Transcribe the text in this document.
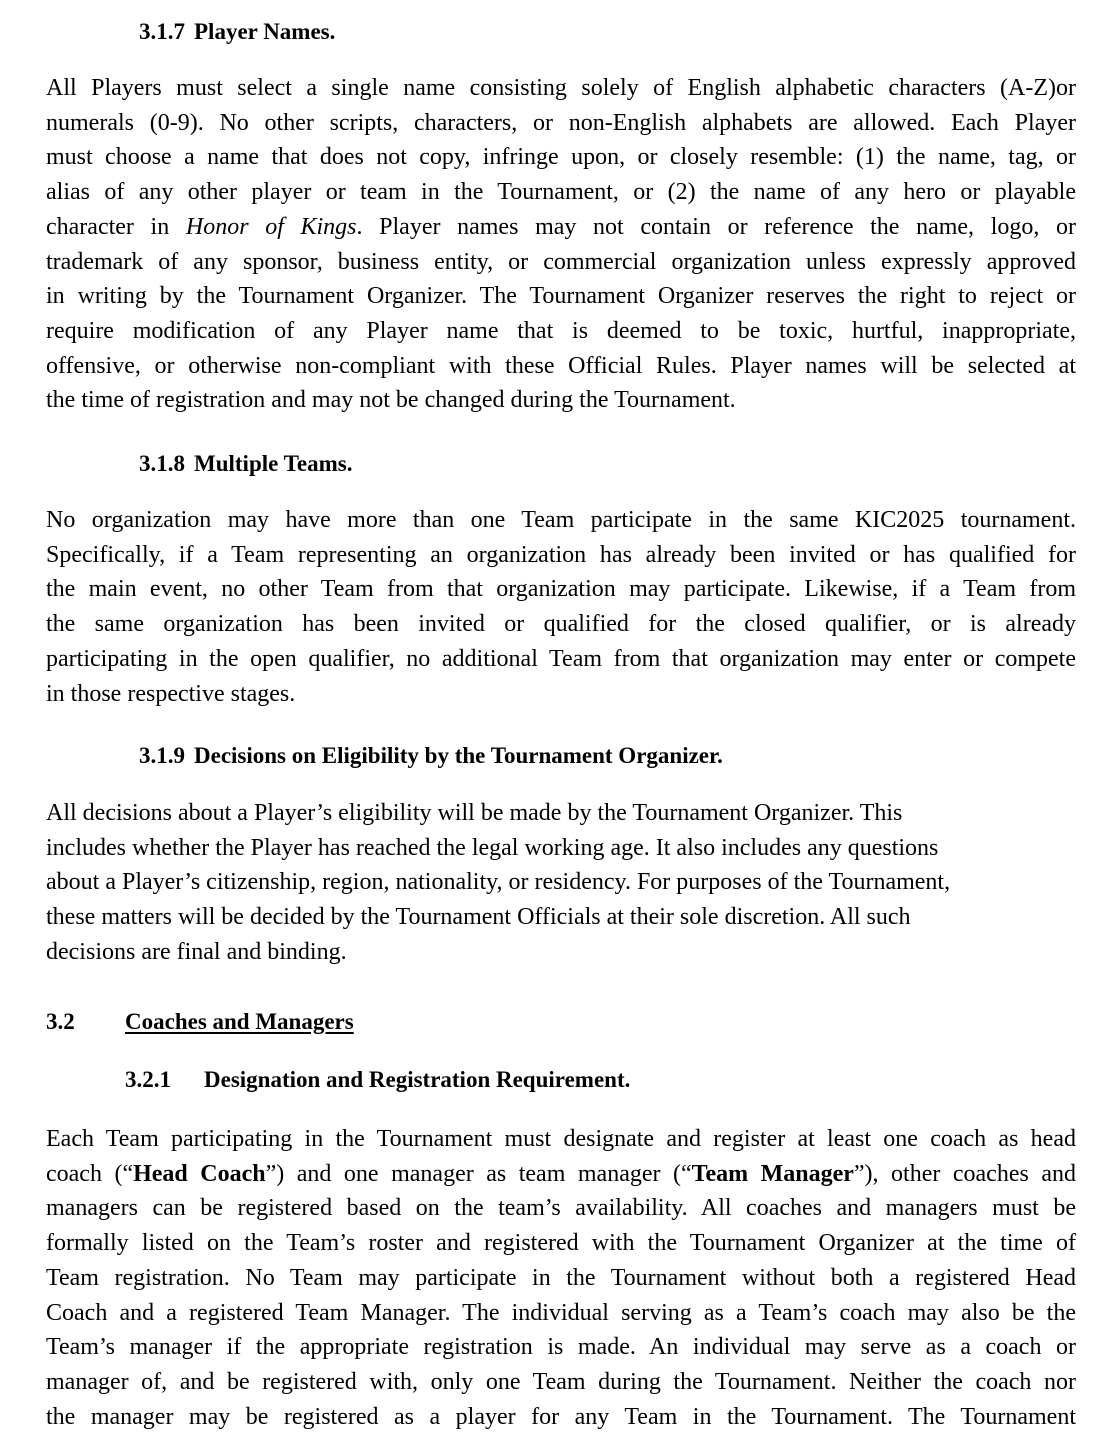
3.1.7 Player Names.
All Players must select a single name consisting solely of English alphabetic characters (A-Z)or
numerals (0-9). No other scripts, characters, or non-English alphabets are allowed. Each Player
must choose a name that does not copy, infringe upon, or closely resemble: (1) the name, tag, or
alias of any other player or team in the Tournament, or (2) the name of any hero or playable
character in Honor of Kings. Player names may not contain or reference the name, logo, or
trademark of any sponsor, business entity, or commercial organization unless expressly approved
in writing by the Tournament Organizer. The Tournament Organizer reserves the right to reject or
require modification of any Player name that is deemed to be toxic, hurtful, inappropriate,
offensive, or otherwise non-compliant with these Official Rules. Player names will be selected at
the time of registration and may not be changed during the Tournament.
3.1.8 Multiple Teams.
No organization may have more than one Team participate in the same KIC2025 tournament.
Specifically, if a Team representing an organization has already been invited or has qualified for
the main event, no other Team from that organization may participate. Likewise, if a Team from
the same organization has been invited or qualified for the closed qualifier, or is already
participating in the open qualifier, no additional Team from that organization may enter or compete
in those respective stages.
3.1.9 Decisions on Eligibility by the Tournament Organizer.
All decisions about a Player’s eligibility will be made by the Tournament Organizer. This
includes whether the Player has reached the legal working age. It also includes any questions
about a Player’s citizenship, region, nationality, or residency. For purposes of the Tournament,
these matters will be decided by the Tournament Officials at their sole discretion. All such
decisions are final and binding.
3.2 Coaches and Managers
3.2.1 Designation and Registration Requirement.
Each Team participating in the Tournament must designate and register at least one coach as head
coach (“Head Coach”) and one manager as team manager (“Team Manager”), other coaches and
managers can be registered based on the team’s availability. All coaches and managers must be
formally listed on the Team’s roster and registered with the Tournament Organizer at the time of
Team registration. No Team may participate in the Tournament without both a registered Head
Coach and a registered Team Manager. The individual serving as a Team’s coach may also be the
Team’s manager if the appropriate registration is made. An individual may serve as a coach or
manager of, and be registered with, only one Team during the Tournament. Neither the coach nor
the manager may be registered as a player for any Team in the Tournament. The Tournament
